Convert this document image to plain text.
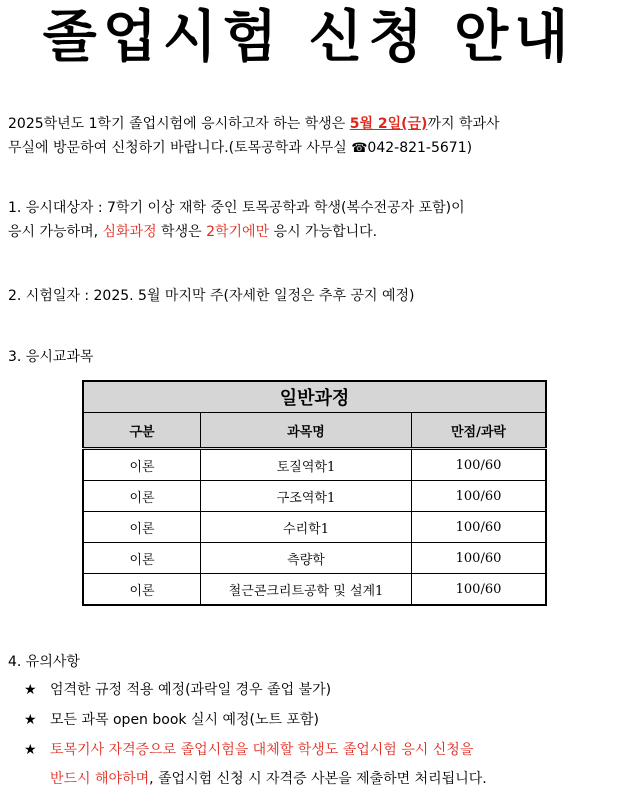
졸업시험 신청 안내
2025학년도 1학기 졸업시험에 응시하고자 하는 학생은 5월 2일(금)까지 학과사
무실에 방문하여 신청하기 바랍니다.(토목공학과 사무실 ☎042-821-5671)
1. 응시대상자 : 7학기 이상 재학 중인 토목공학과 학생(복수전공자 포함)이
응시 가능하며, 심화과정 학생은 2학기에만 응시 가능합니다.
2. 시험일자 : 2025. 5월 마지막 주(자세한 일정은 추후 공지 예정)
3. 응시교과목
일반과정		
구분	과목명	만점/과락
이론	토질역학1	100/60
이론	구조역학1	100/60
이론	수리학1	100/60
이론	측량학	100/60
이론	철근콘크리트공학 및 설계1	100/60
4. 유의사항
★ 엄격한 규정 적용 예정(과락일 경우 졸업 불가)
★ 모든 과목 open book 실시 예정(노트 포함)
★ 토목기사 자격증으로 졸업시험을 대체할 학생도 졸업시험 응시 신청을
반드시 해야하며, 졸업시험 신청 시 자격증 사본을 제출하면 처리됩니다.
